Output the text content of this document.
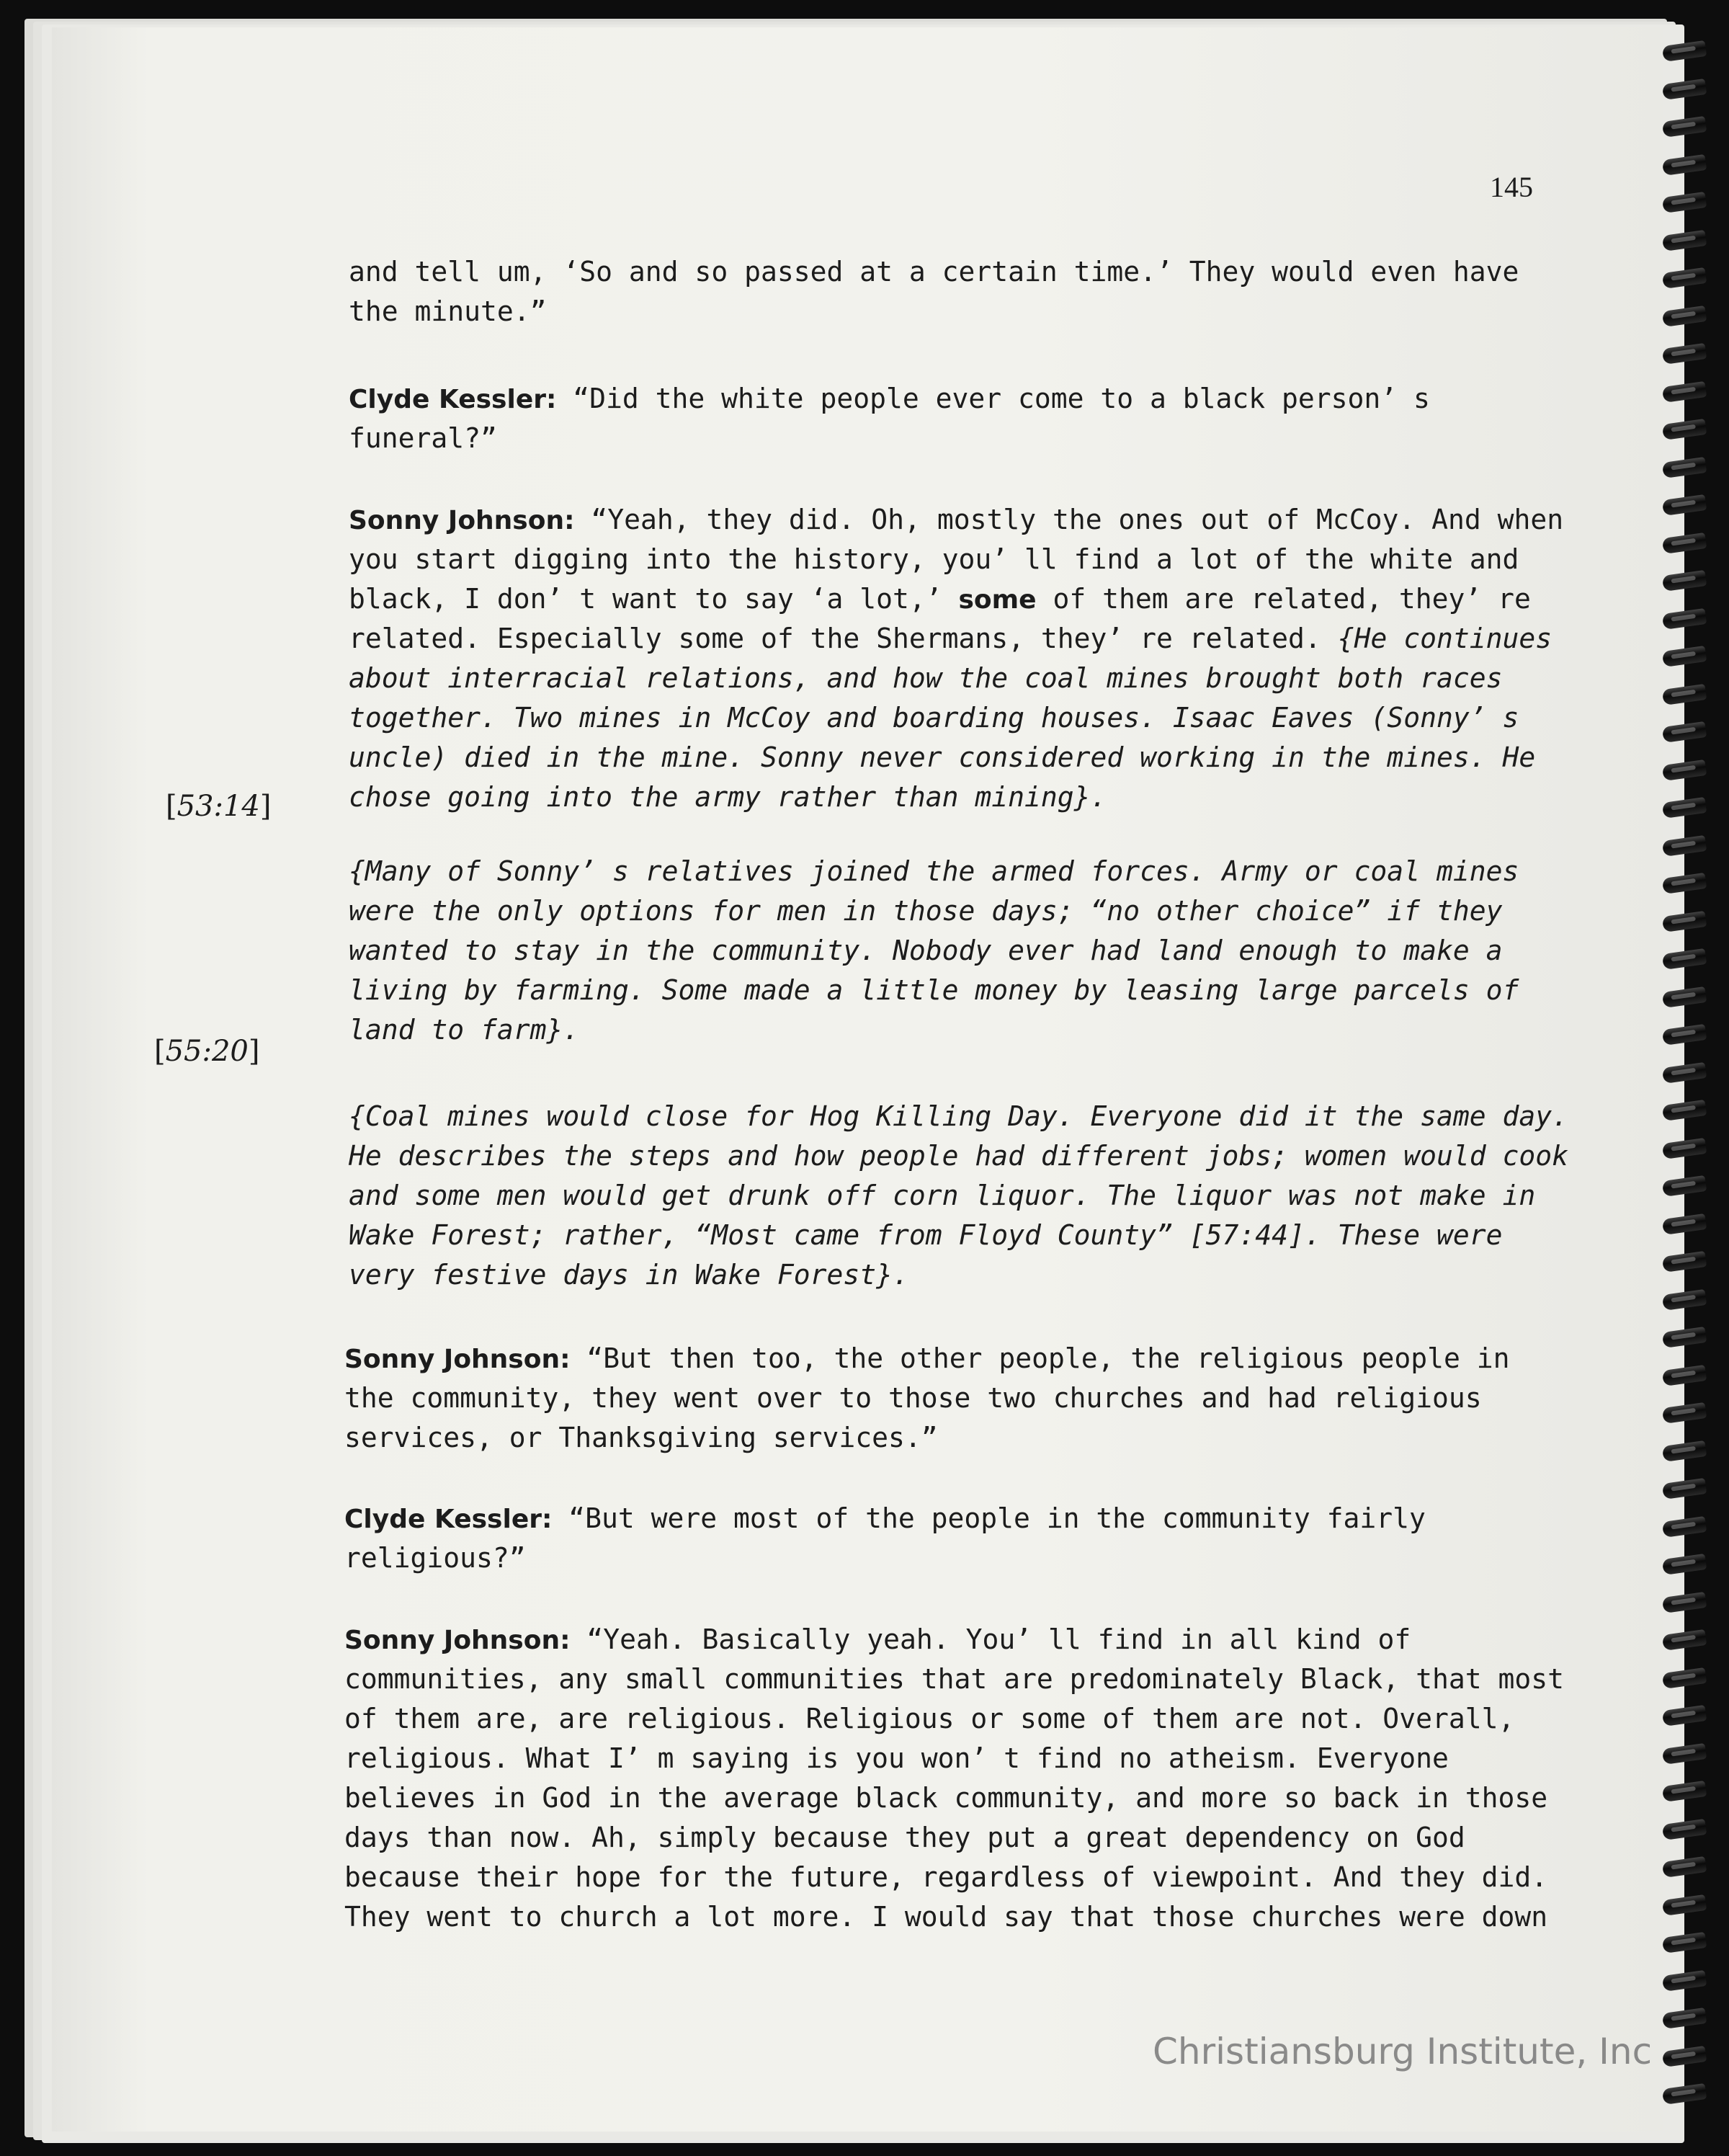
145
and tell um, ‘So and so passed at a certain time.’ They would even have
the minute.”
Clyde Kessler: “Did the white people ever come to a black person’ s
funeral?”
Sonny Johnson: “Yeah, they did. Oh, mostly the ones out of McCoy. And when
you start digging into the history, you’ ll find a lot of the white and
black, I don’ t want to say ‘a lot,’ some of them are related, they’ re
related. Especially some of the Shermans, they’ re related. {He continues
about interracial relations, and how the coal mines brought both races
together. Two mines in McCoy and boarding houses. Isaac Eaves (Sonny’ s
uncle) died in the mine. Sonny never considered working in the mines. He
chose going into the army rather than mining}.
[53:14]
{Many of Sonny’ s relatives joined the armed forces. Army or coal mines
were the only options for men in those days; “no other choice” if they
wanted to stay in the community. Nobody ever had land enough to make a
living by farming. Some made a little money by leasing large parcels of
land to farm}.
[55:20]
{Coal mines would close for Hog Killing Day. Everyone did it the same day.
He describes the steps and how people had different jobs; women would cook
and some men would get drunk off corn liquor. The liquor was not make in
Wake Forest; rather, “Most came from Floyd County” [57:44]. These were
very festive days in Wake Forest}.
Sonny Johnson: “But then too, the other people, the religious people in
the community, they went over to those two churches and had religious
services, or Thanksgiving services.”
Clyde Kessler: “But were most of the people in the community fairly
religious?”
Sonny Johnson: “Yeah. Basically yeah. You’ ll find in all kind of
communities, any small communities that are predominately Black, that most
of them are, are religious. Religious or some of them are not. Overall,
religious. What I’ m saying is you won’ t find no atheism. Everyone
believes in God in the average black community, and more so back in those
days than now. Ah, simply because they put a great dependency on God
because their hope for the future, regardless of viewpoint. And they did.
They went to church a lot more. I would say that those churches were down
Christiansburg Institute, Inc
